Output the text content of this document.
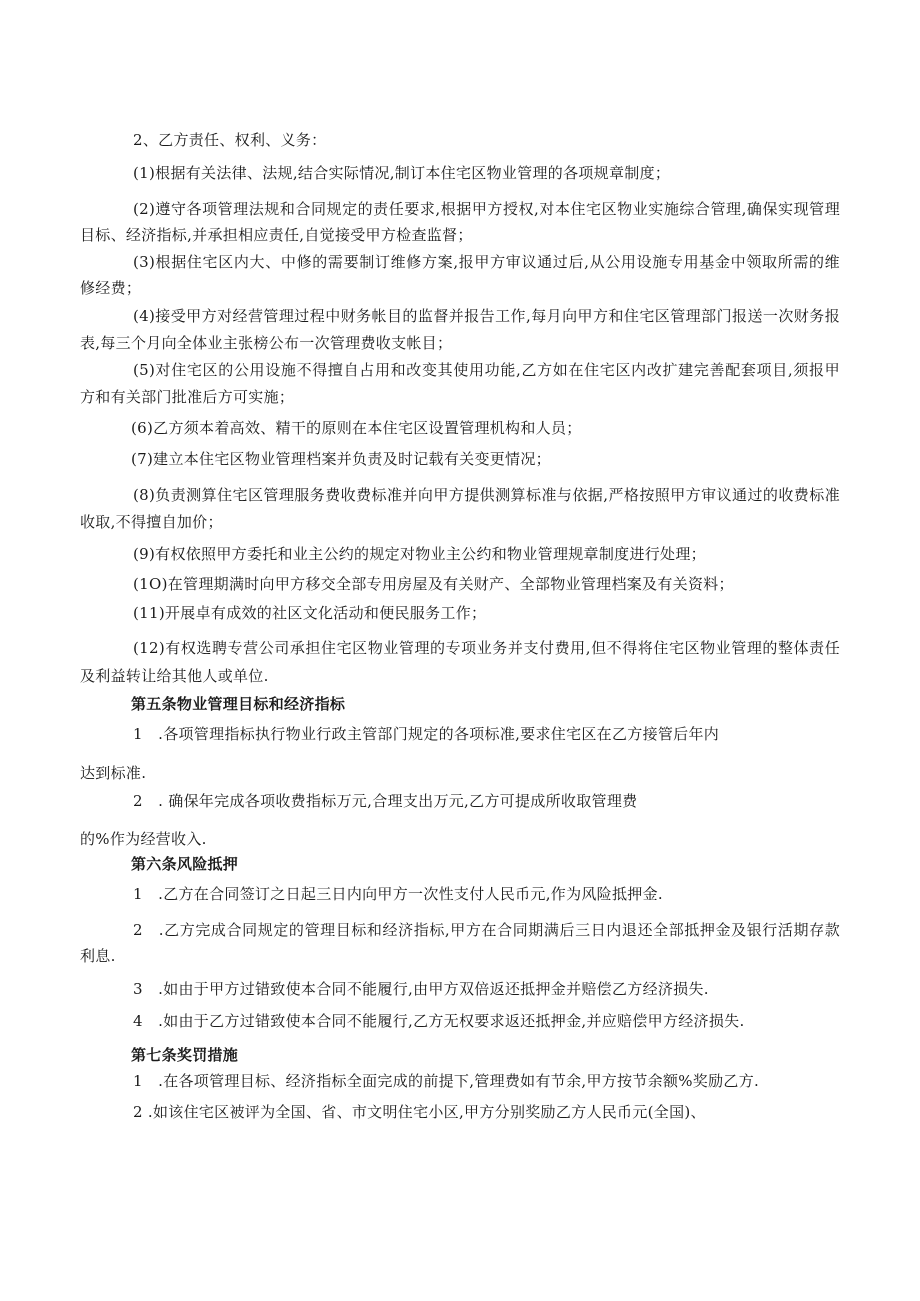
2、乙方责任、权利、义务：
(1)根据有关法律、法规,结合实际情况,制订本住宅区物业管理的各项规章制度；
(2)遵守各项管理法规和合同规定的责任要求,根据甲方授权,对本住宅区物业实施综合管理,确保实现管理
目标、经济指标,并承担相应责任,自觉接受甲方检查监督；
(3)根据住宅区内大、中修的需要制订维修方案,报甲方审议通过后,从公用设施专用基金中领取所需的维
修经费；
(4)接受甲方对经营管理过程中财务帐目的监督并报告工作,每月向甲方和住宅区管理部门报送一次财务报
表,每三个月向全体业主张榜公布一次管理费收支帐目；
(5)对住宅区的公用设施不得擅自占用和改变其使用功能,乙方如在住宅区内改扩建完善配套项目,须报甲
方和有关部门批准后方可实施；
(6)乙方须本着高效、精干的原则在本住宅区设置管理机构和人员；
(7)建立本住宅区物业管理档案并负责及时记载有关变更情况；
(8)负责测算住宅区管理服务费收费标准并向甲方提供测算标准与依据,严格按照甲方审议通过的收费标准
收取,不得擅自加价；
(9)有权依照甲方委托和业主公约的规定对物业主公约和物业管理规章制度进行处理；
(1O)在管理期满时向甲方移交全部专用房屋及有关财产、全部物业管理档案及有关资料；
(11)开展卓有成效的社区文化活动和便民服务工作；
(12)有权选聘专营公司承担住宅区物业管理的专项业务并支付费用,但不得将住宅区物业管理的整体责任
及利益转让给其他人或单位.
第五条物业管理目标和经济指标
1　.各项管理指标执行物业行政主管部门规定的各项标准,要求住宅区在乙方接管后年内
达到标准.
2　. 确保年完成各项收费指标万元,合理支出万元,乙方可提成所收取管理费
的%作为经营收入.
第六条风险抵押
1　.乙方在合同签订之日起三日内向甲方一次性支付人民币元,作为风险抵押金.
2　.乙方完成合同规定的管理目标和经济指标,甲方在合同期满后三日内退还全部抵押金及银行活期存款
利息.
3　.如由于甲方过错致使本合同不能履行,由甲方双倍返还抵押金并赔偿乙方经济损失.
4　.如由于乙方过错致使本合同不能履行,乙方无权要求返还抵押金,并应赔偿甲方经济损失.
第七条奖罚措施
1　.在各项管理目标、经济指标全面完成的前提下,管理费如有节余,甲方按节余额%奖励乙方.
2 .如该住宅区被评为全国、省、市文明住宅小区,甲方分别奖励乙方人民币元(全国)、
